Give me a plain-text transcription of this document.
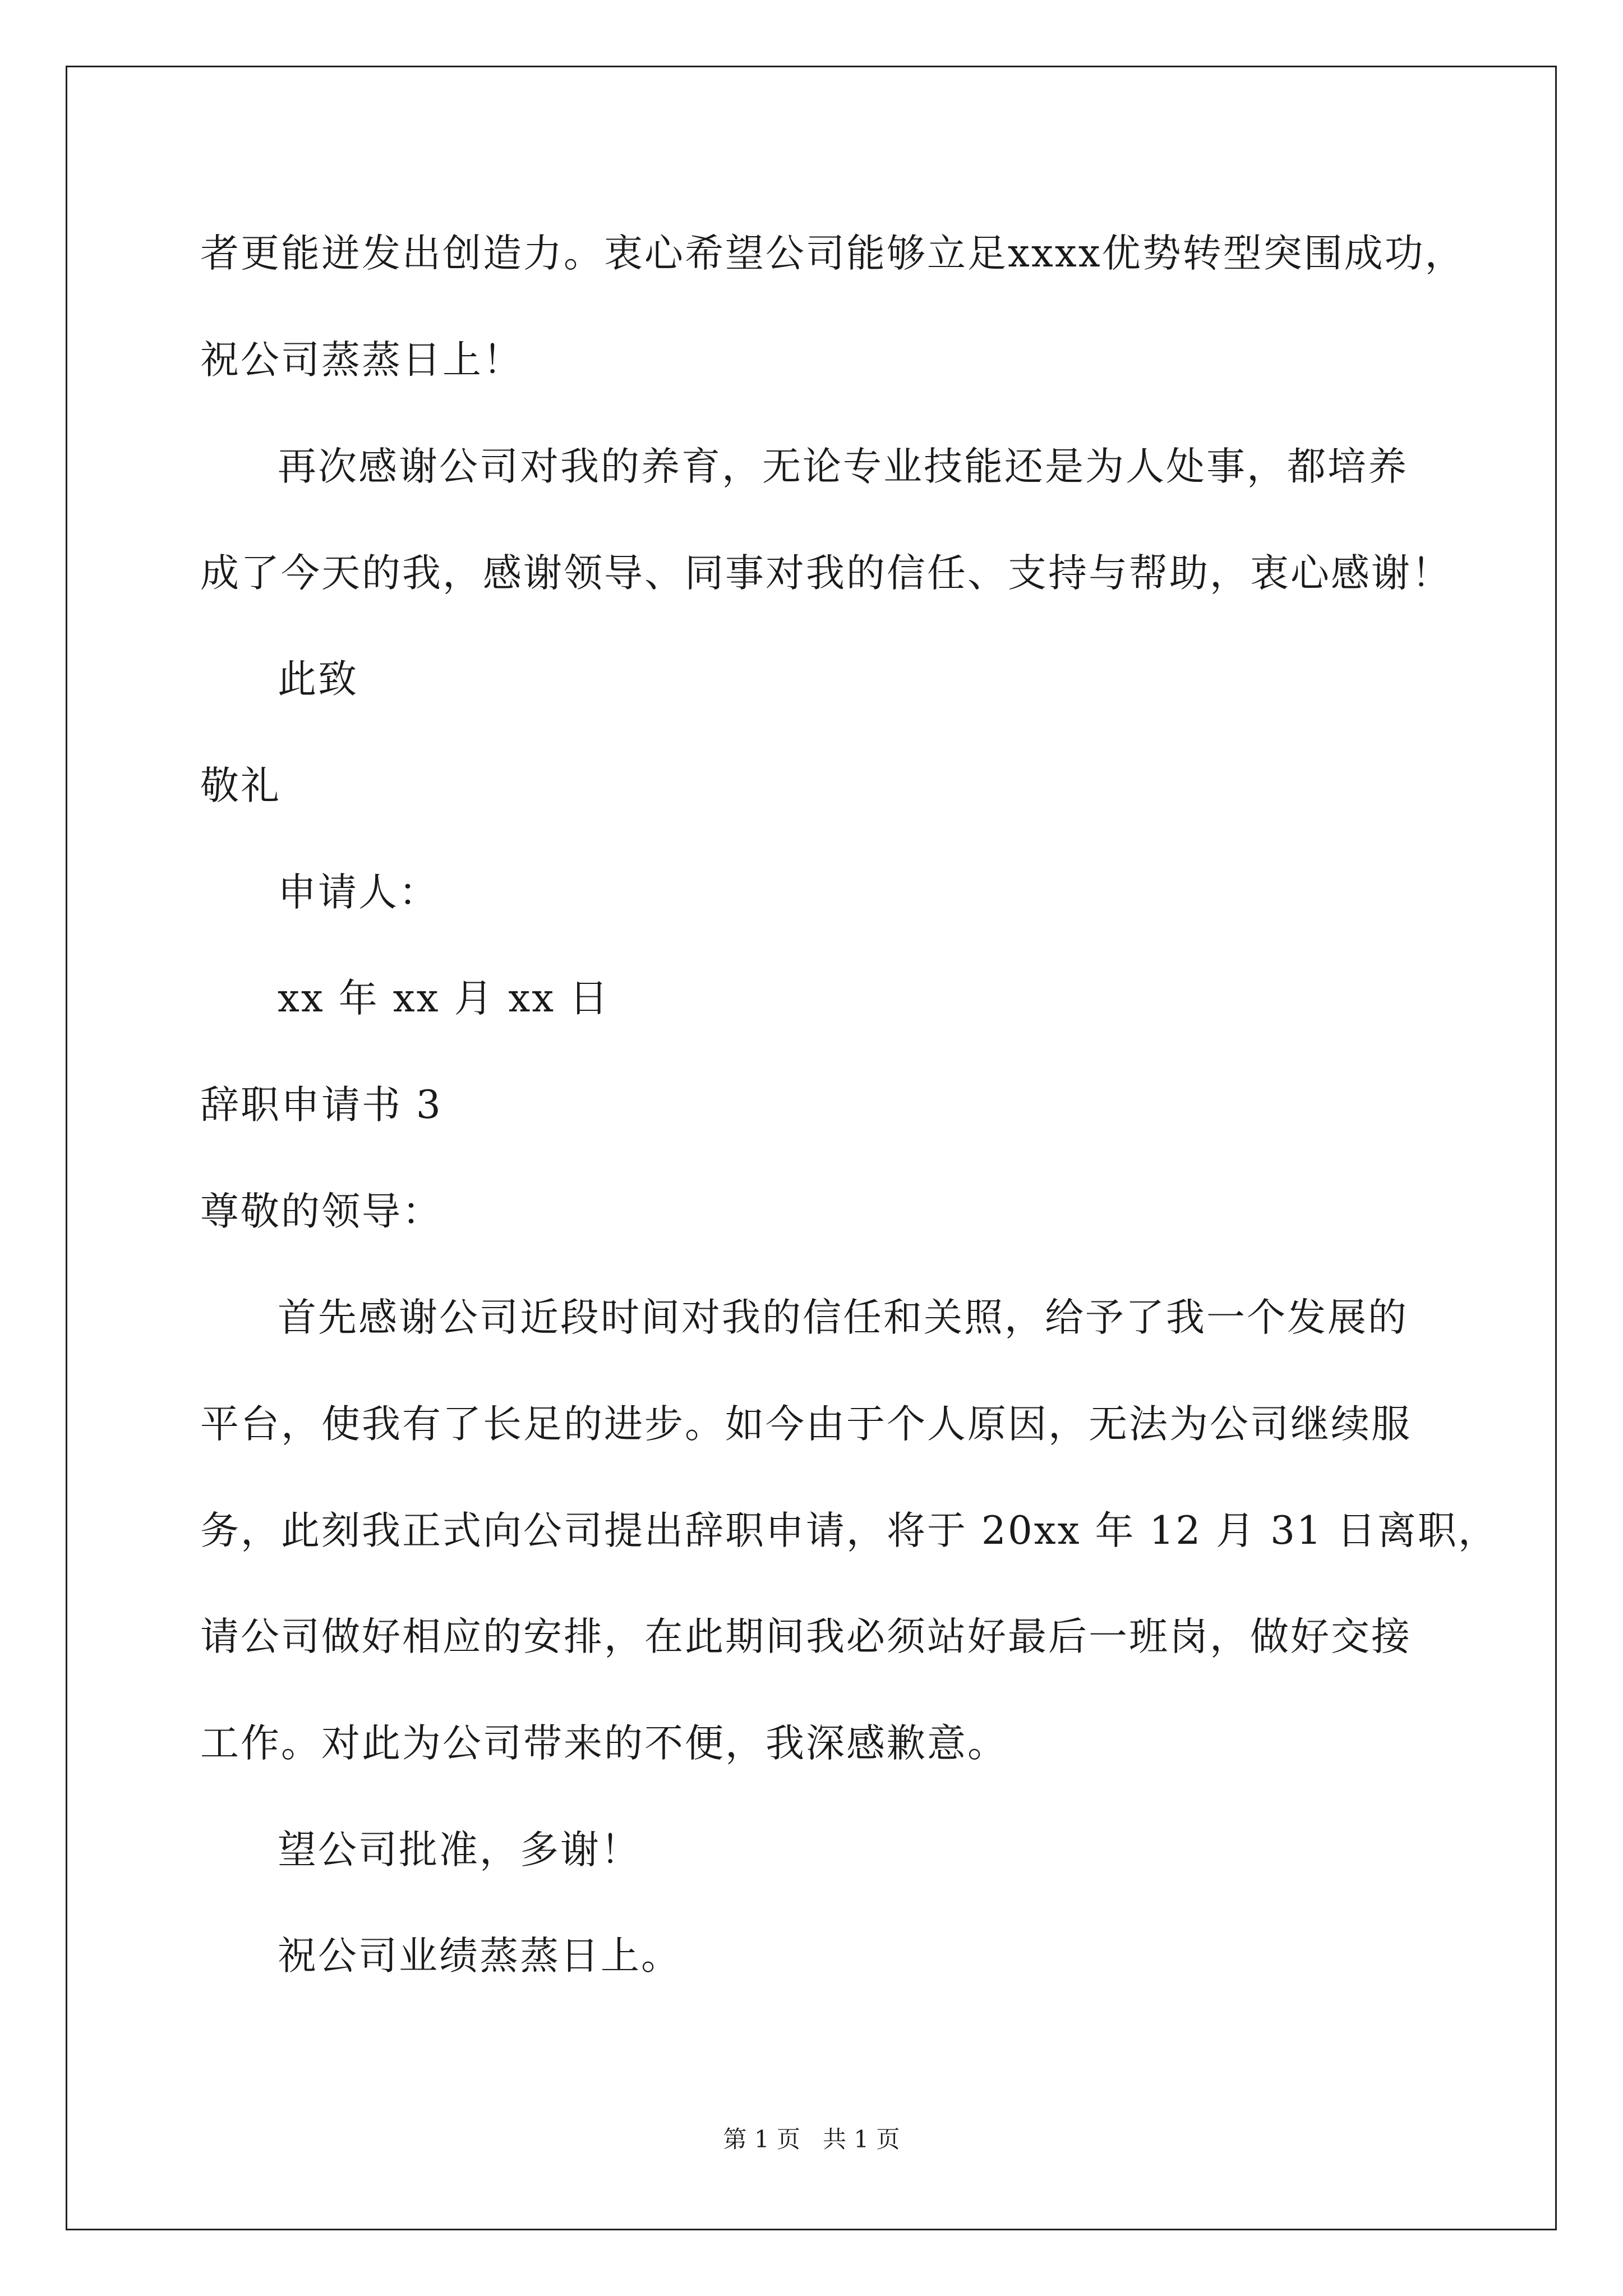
者更能迸发出创造力。衷心希望公司能够立足xxxx优势转型突围成功，
祝公司蒸蒸日上！
再次感谢公司对我的养育，无论专业技能还是为人处事，都培养
成了今天的我，感谢领导、同事对我的信任、支持与帮助，衷心感谢！
此致
敬礼
申请人：
xx 年 xx 月 xx 日
辞职申请书 3
尊敬的领导：
首先感谢公司近段时间对我的信任和关照，给予了我一个发展的
平台，使我有了长足的进步。如今由于个人原因，无法为公司继续服
务，此刻我正式向公司提出辞职申请，将于 20xx 年 12 月 31 日离职，
请公司做好相应的安排，在此期间我必须站好最后一班岗，做好交接
工作。对此为公司带来的不便，我深感歉意。
望公司批准，多谢！
祝公司业绩蒸蒸日上。
第 1 页   共 1 页
